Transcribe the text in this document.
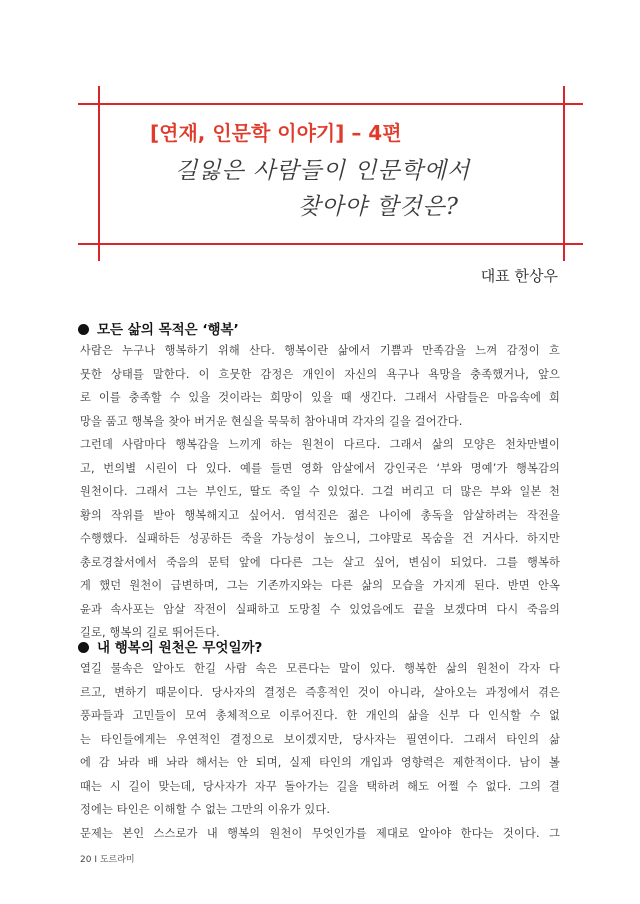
[연재, 인문학 이야기] – 4편
길잃은 사람들이 인문학에서
찾아야 할것은?
대표 한상우
모든 삶의 목적은 ‘행복’
사람은 누구나 행복하기 위해 산다. 행복이란 삶에서 기쁨과 만족감을 느껴 감정이 흐
뭇한 상태를 말한다. 이 흐뭇한 감정은 개인이 자신의 욕구나 욕망을 충족했거나, 앞으
로 이를 충족할 수 있을 것이라는 희망이 있을 때 생긴다. 그래서 사람들은 마음속에 희
망을 품고 행복을 찾아 버거운 현실을 묵묵히 참아내며 각자의 길을 걸어간다.
그런데 사람마다 행복감을 느끼게 하는 원천이 다르다. 그래서 삶의 모양은 천차만별이
고, 번의별 시린이 다 있다. 예를 들면 영화 암살에서 강인국은 ‘부와 명예’가 행복감의
원천이다. 그래서 그는 부인도, 딸도 죽일 수 있었다. 그걸 버리고 더 많은 부와 일본 천
황의 작위를 받아 행복해지고 싶어서. 염석진은 젊은 나이에 총독을 암살하려는 작전을
수행했다. 실패하든 성공하든 죽을 가능성이 높으니, 그야말로 목숨을 건 거사다. 하지만
총로경찰서에서 죽음의 문턱 앞에 다다른 그는 살고 싶어, 변심이 되었다. 그를 행복하
게 했던 원천이 급변하며, 그는 기존까지와는 다른 삶의 모습을 가지게 된다. 반면 안옥
윤과 속사포는 암살 작전이 실패하고 도망칠 수 있었음에도 끝을 보겠다며 다시 죽음의
내 행복의 원천은 무엇일까?
열길 물속은 알아도 한길 사람 속은 모른다는 말이 있다. 행복한 삶의 원천이 각자 다
르고, 변하기 때문이다. 당사자의 결정은 즉흥적인 것이 아니라, 살아오는 과정에서 겪은
풍파들과 고민들이 모여 총체적으로 이루어진다. 한 개인의 삶을 신부 다 인식할 수 없
는 타인들에게는 우연적인 결정으로 보이겠지만, 당사자는 필연이다. 그래서 타인의 삶
에 감 놔라 배 놔라 해서는 안 되며, 실제 타인의 개입과 영향력은 제한적이다. 남이 볼
때는 시 길이 맞는데, 당사자가 자꾸 돌아가는 길을 택하려 해도 어쩔 수 없다. 그의 결
정에는 타인은 이해할 수 없는 그만의 이유가 있다.
문제는 본인 스스로가 내 행복의 원천이 무엇인가를 제대로 알아야 한다는 것이다. 그
20 I 도르라미
길로, 행복의 길로 뛰어든다.
